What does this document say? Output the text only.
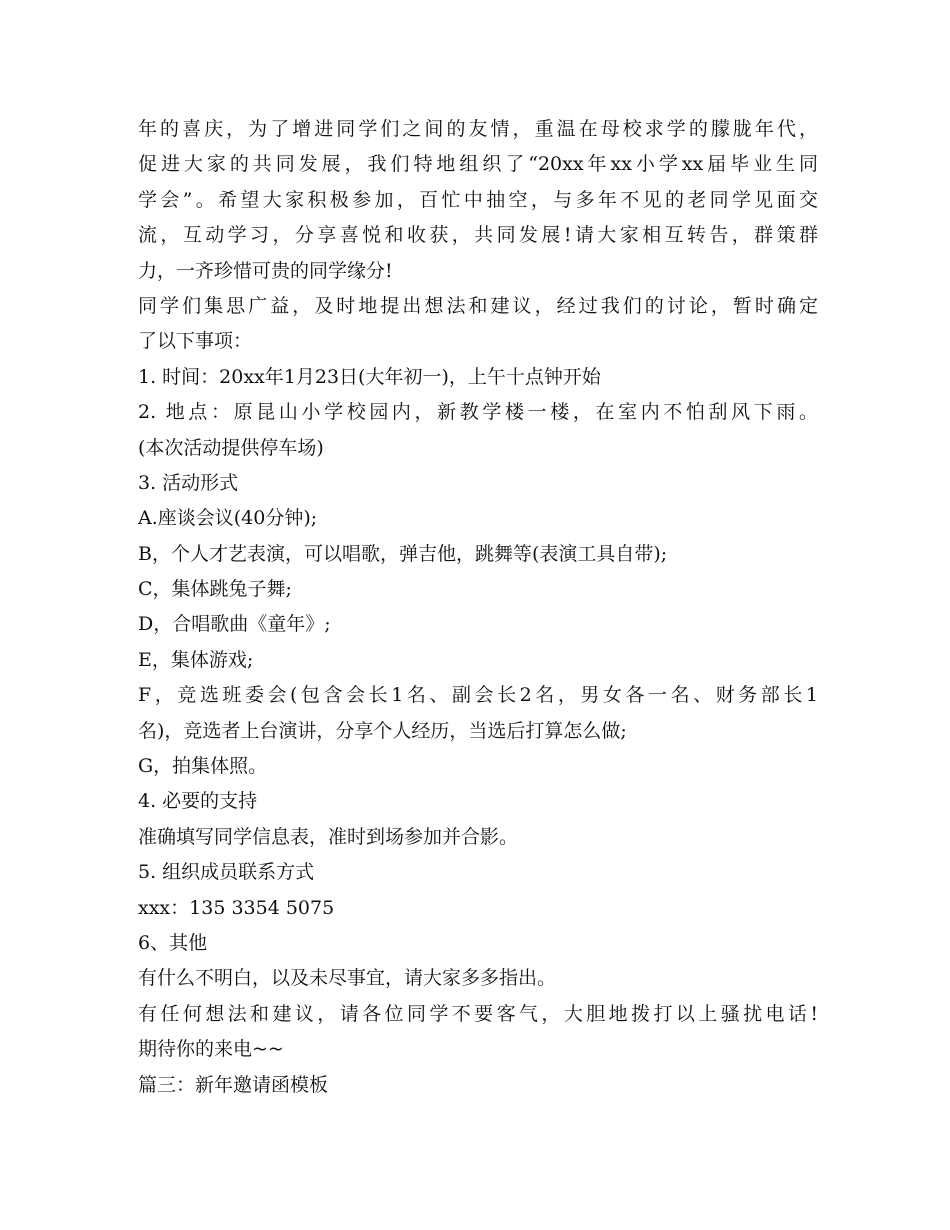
年的喜庆，为了增进同学们之间的友情，重温在母校求学的朦胧年代，
促进大家的共同发展，我们特地组织了“20xx年xx小学xx届毕业生同
学会”。希望大家积极参加，百忙中抽空，与多年不见的老同学见面交
流，互动学习，分享喜悦和收获，共同发展!请大家相互转告，群策群
力，一齐珍惜可贵的同学缘分!
同学们集思广益，及时地提出想法和建议，经过我们的讨论，暂时确定
了以下事项：
1. 时间：20xx年1月23日(大年初一)，上午十点钟开始
2. 地点：原昆山小学校园内，新教学楼一楼，在室内不怕刮风下雨。
(本次活动提供停车场)
3. 活动形式
A.座谈会议(40分钟);
B，个人才艺表演，可以唱歌，弹吉他，跳舞等(表演工具自带);
C，集体跳兔子舞;
D，合唱歌曲《童年》;
E，集体游戏;
F，竞选班委会(包含会长1名、副会长2名，男女各一名、财务部长1
名)，竞选者上台演讲，分享个人经历，当选后打算怎么做;
G，拍集体照。
4. 必要的支持
准确填写同学信息表，准时到场参加并合影。
5. 组织成员联系方式
xxx：135 3354 5075
6、其他
有什么不明白，以及未尽事宜，请大家多多指出。
有任何想法和建议，请各位同学不要客气，大胆地拨打以上骚扰电话!
期待你的来电~~
篇三：新年邀请函模板
